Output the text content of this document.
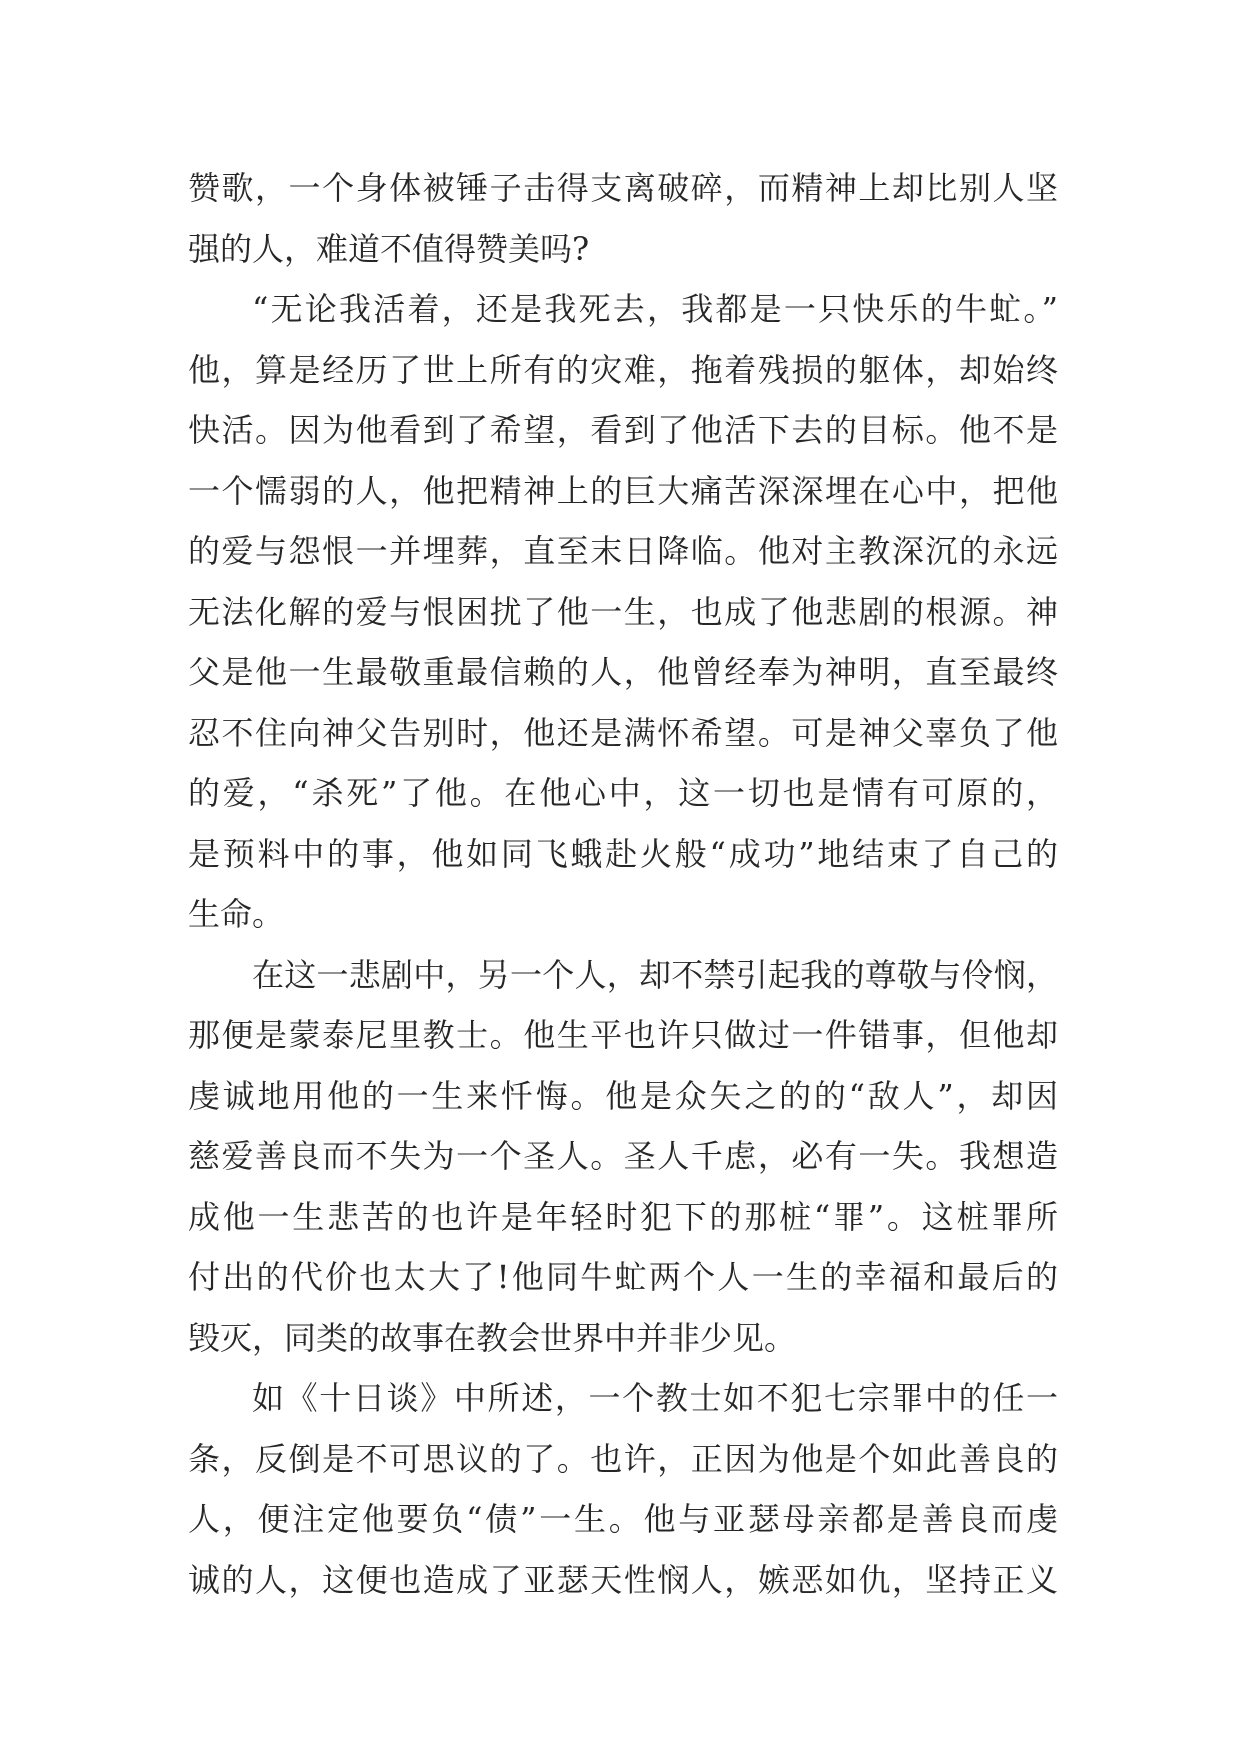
赞歌，一个身体被锤子击得支离破碎，而精神上却比别人坚
强的人，难道不值得赞美吗?
“无论我活着，还是我死去，我都是一只快乐的牛虻。”
他，算是经历了世上所有的灾难，拖着残损的躯体，却始终
快活。因为他看到了希望，看到了他活下去的目标。他不是
一个懦弱的人，他把精神上的巨大痛苦深深埋在心中，把他
的爱与怨恨一并埋葬，直至末日降临。他对主教深沉的永远
无法化解的爱与恨困扰了他一生，也成了他悲剧的根源。神
父是他一生最敬重最信赖的人，他曾经奉为神明，直至最终
忍不住向神父告别时，他还是满怀希望。可是神父辜负了他
的爱，“杀死”了他。在他心中，这一切也是情有可原的，
是预料中的事，他如同飞蛾赴火般“成功”地结束了自己的
生命。
在这一悲剧中，另一个人，却不禁引起我的尊敬与伶悯，
那便是蒙泰尼里教士。他生平也许只做过一件错事，但他却
虔诚地用他的一生来忏悔。他是众矢之的的“敌人”，却因
慈爱善良而不失为一个圣人。圣人千虑，必有一失。我想造
成他一生悲苦的也许是年轻时犯下的那桩“罪”。这桩罪所
付出的代价也太大了!他同牛虻两个人一生的幸福和最后的
毁灭，同类的故事在教会世界中并非少见。
如《十日谈》中所述，一个教士如不犯七宗罪中的任一
条，反倒是不可思议的了。也许，正因为他是个如此善良的
人，便注定他要负“债”一生。他与亚瑟母亲都是善良而虔
诚的人，这便也造成了亚瑟天性悯人，嫉恶如仇，坚持正义
